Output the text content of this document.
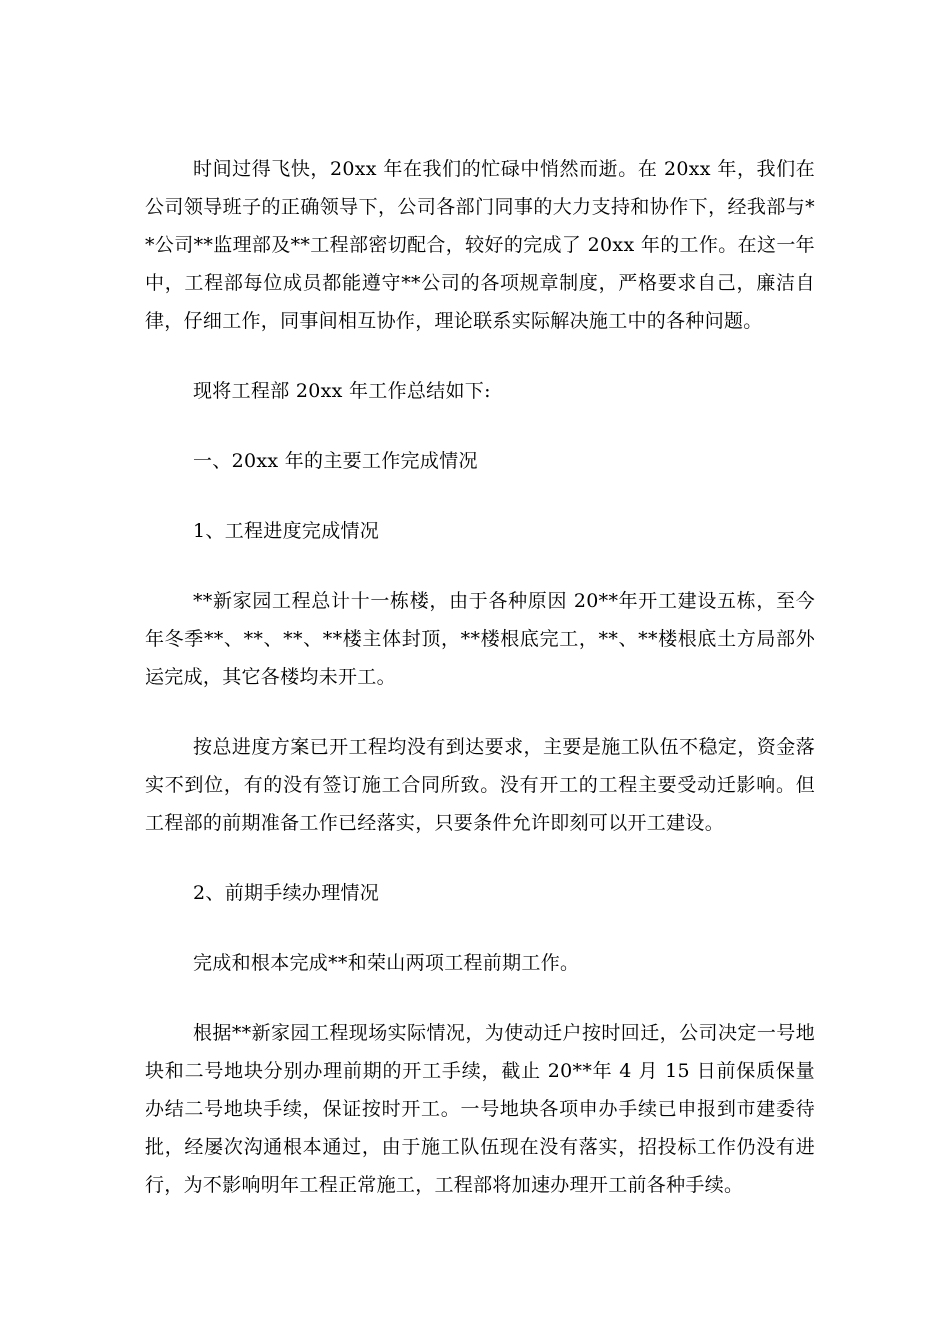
时间过得飞快，20xx 年在我们的忙碌中悄然而逝。在 20xx 年，我们在公司领导班子的正确领导下，公司各部门同事的大力支持和协作下，经我部与**公司**监理部及**工程部密切配合，较好的完成了 20xx 年的工作。在这一年中，工程部每位成员都能遵守**公司的各项规章制度，严格要求自己，廉洁自律，仔细工作，同事间相互协作，理论联系实际解决施工中的各种问题。

现将工程部 20xx 年工作总结如下:

一、20xx 年的主要工作完成情况

1、工程进度完成情况

**新家园工程总计十一栋楼，由于各种原因 20**年开工建设五栋，至今年冬季**、**、**、**楼主体封顶，**楼根底完工，**、**楼根底土方局部外运完成，其它各楼均未开工。

按总进度方案已开工程均没有到达要求，主要是施工队伍不稳定，资金落实不到位，有的没有签订施工合同所致。没有开工的工程主要受动迁影响。但工程部的前期准备工作已经落实，只要条件允许即刻可以开工建设。

2、前期手续办理情况

完成和根本完成**和荣山两项工程前期工作。

根据**新家园工程现场实际情况，为使动迁户按时回迁，公司决定一号地块和二号地块分别办理前期的开工手续，截止 20**年 4 月 15 日前保质保量办结二号地块手续，保证按时开工。一号地块各项申办手续已申报到市建委待批，经屡次沟通根本通过，由于施工队伍现在没有落实，招投标工作仍没有进行，为不影响明年工程正常施工，工程部将加速办理开工前各种手续。
